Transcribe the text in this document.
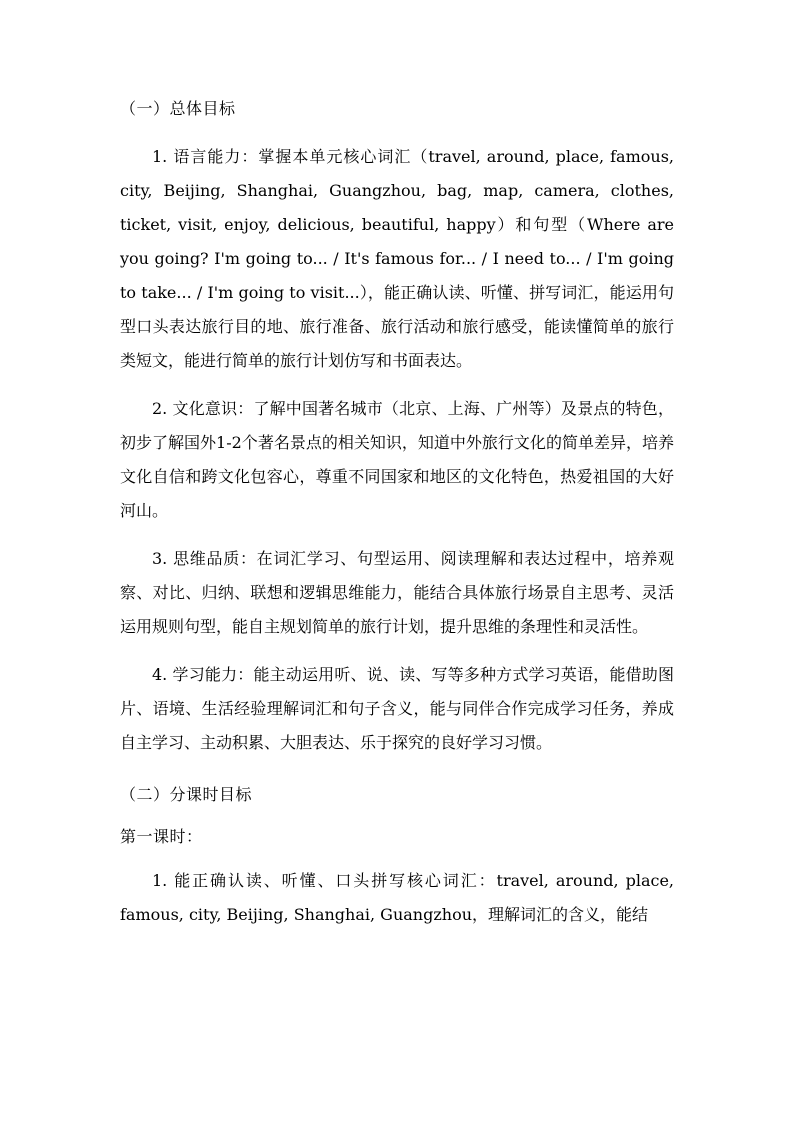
（一）总体目标

1. 语言能力：掌握本单元核心词汇（travel, around, place, famous, city, Beijing, Shanghai, Guangzhou, bag, map, camera, clothes, ticket, visit, enjoy, delicious, beautiful, happy）和句型（Where are you going? I'm going to... / It's famous for... / I need to... / I'm going to take... / I'm going to visit...），能正确认读、听懂、拼写词汇，能运用句型口头表达旅行目的地、旅行准备、旅行活动和旅行感受，能读懂简单的旅行类短文，能进行简单的旅行计划仿写和书面表达。

2. 文化意识：了解中国著名城市（北京、上海、广州等）及景点的特色，初步了解国外1-2个著名景点的相关知识，知道中外旅行文化的简单差异，培养文化自信和跨文化包容心，尊重不同国家和地区的文化特色，热爱祖国的大好河山。

3. 思维品质：在词汇学习、句型运用、阅读理解和表达过程中，培养观察、对比、归纳、联想和逻辑思维能力，能结合具体旅行场景自主思考、灵活运用规则句型，能自主规划简单的旅行计划，提升思维的条理性和灵活性。

4. 学习能力：能主动运用听、说、读、写等多种方式学习英语，能借助图片、语境、生活经验理解词汇和句子含义，能与同伴合作完成学习任务，养成自主学习、主动积累、大胆表达、乐于探究的良好学习习惯。

（二）分课时目标
第一课时：

1. 能正确认读、听懂、口头拼写核心词汇：travel, around, place, famous, city, Beijing, Shanghai, Guangzhou，理解词汇的含义，能结
